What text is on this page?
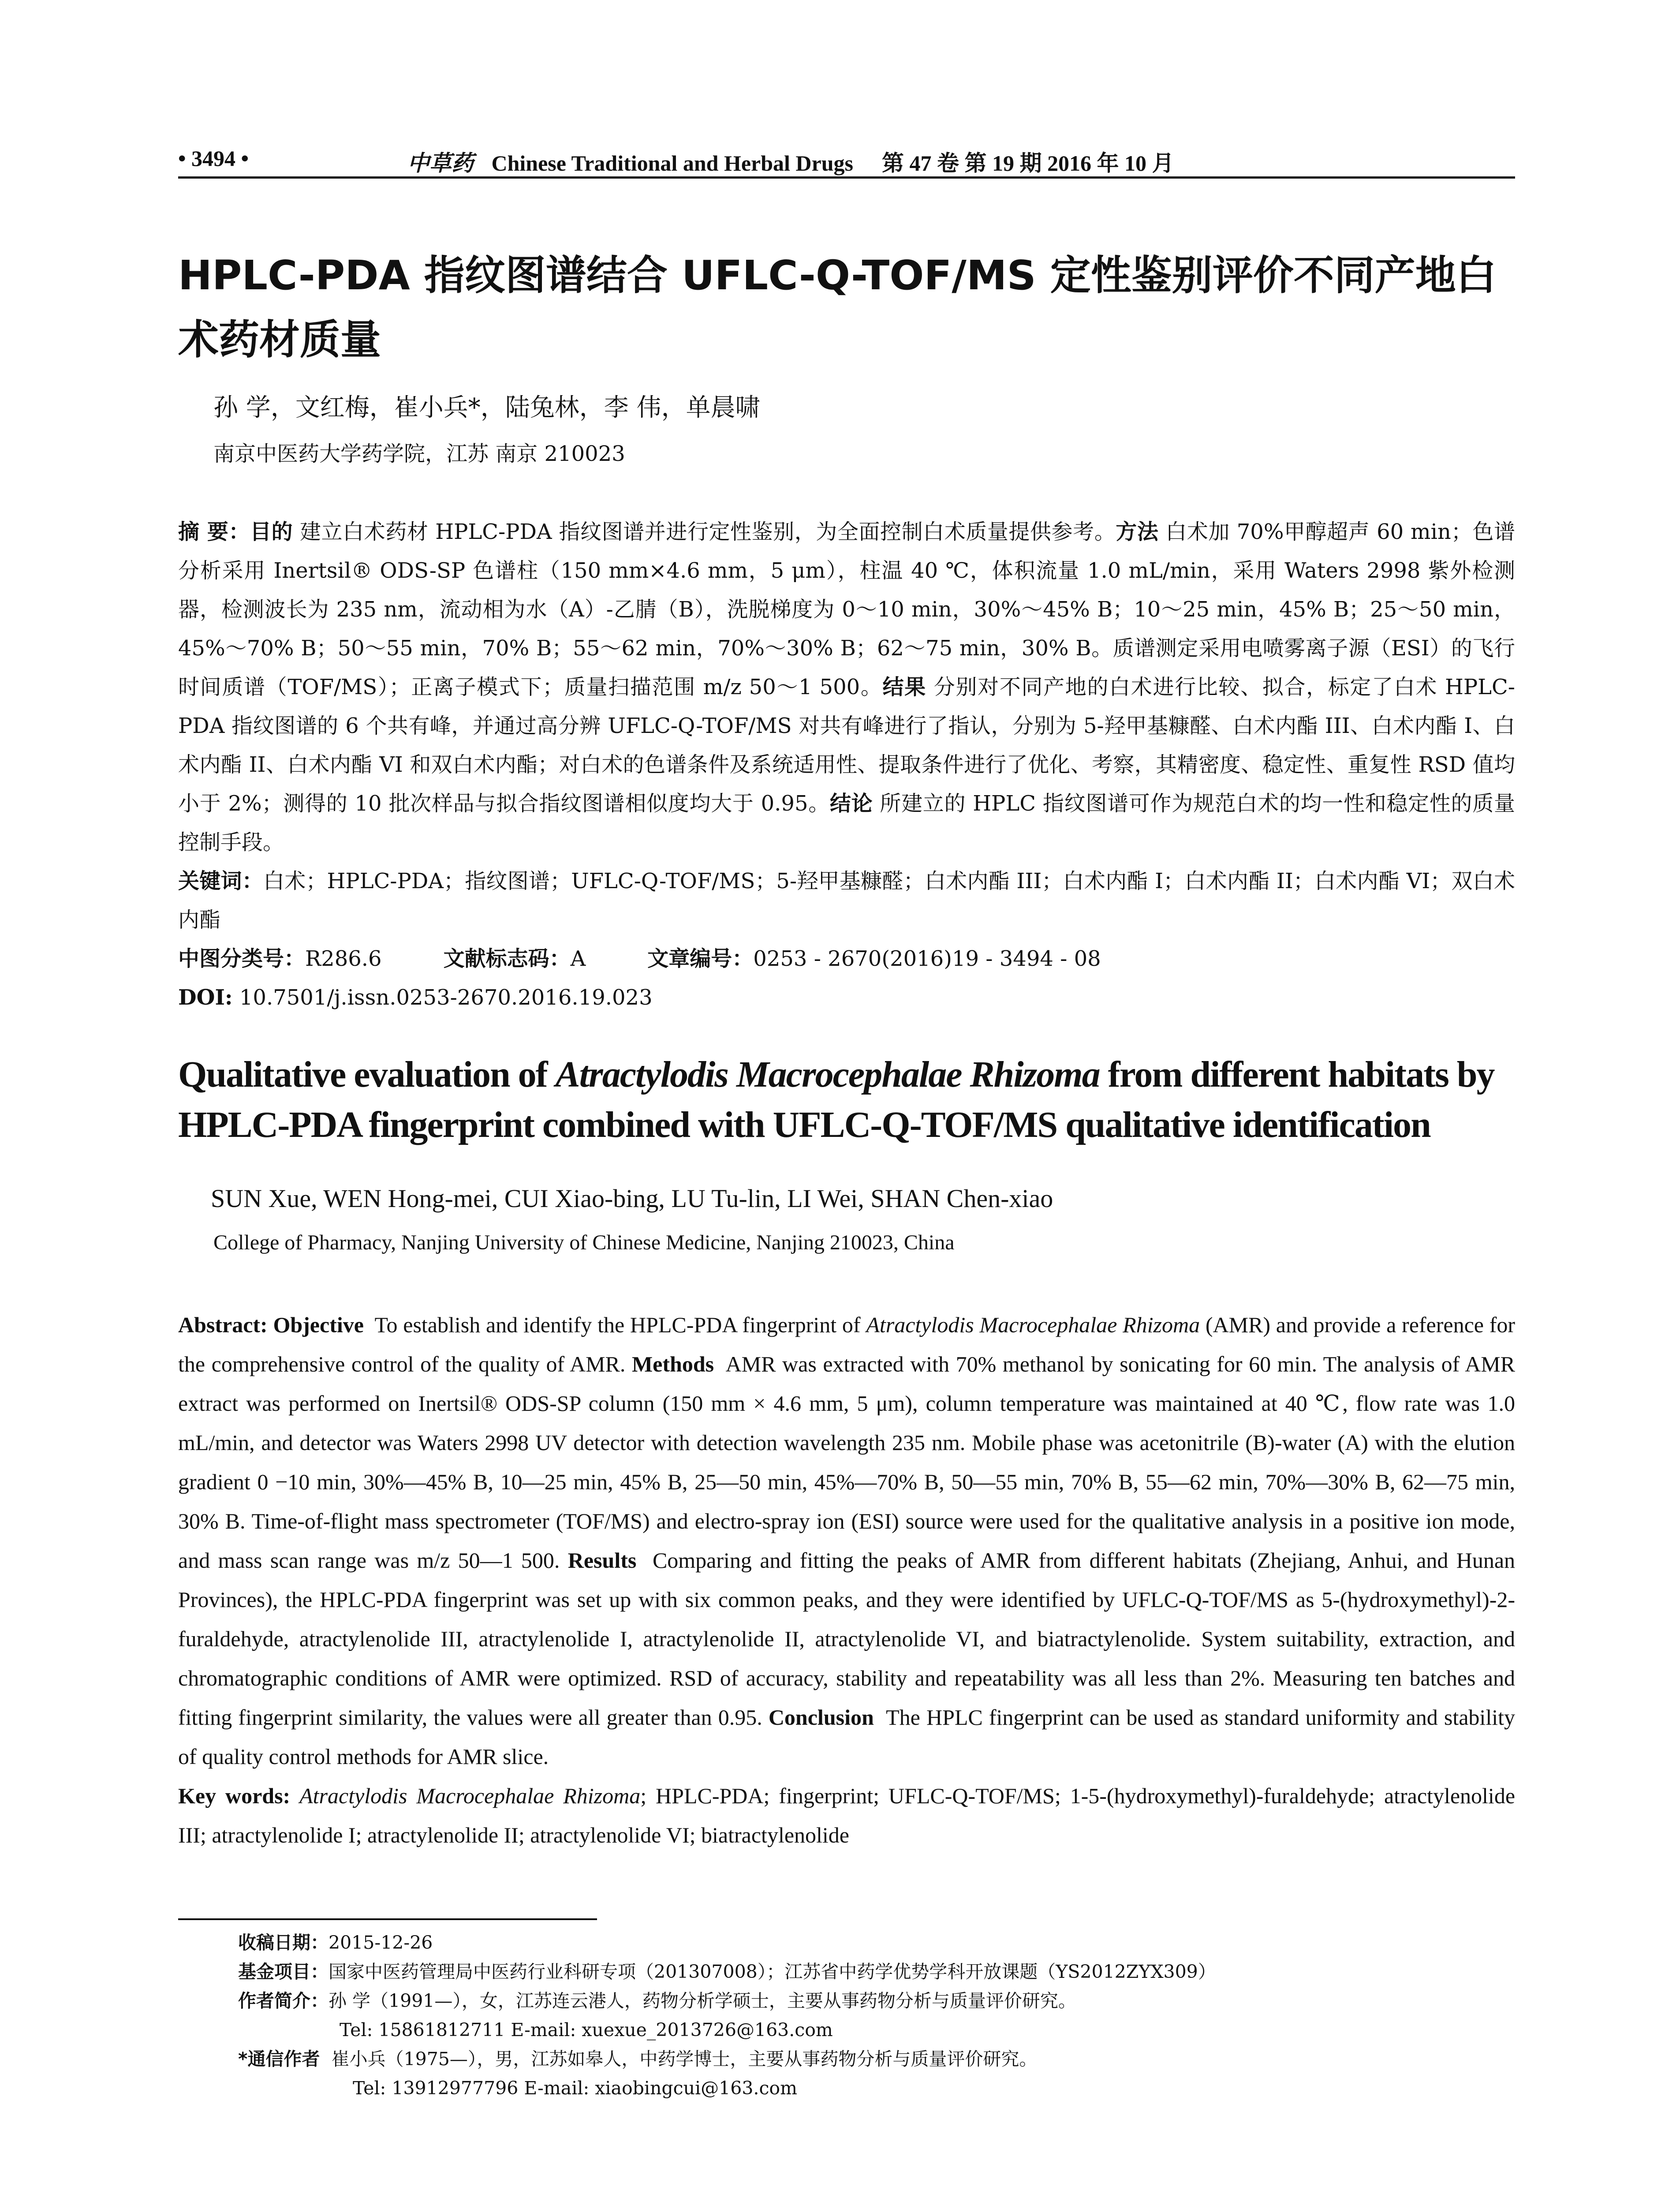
• 3494 •	中草药 Chinese Traditional and Herbal Drugs 第 47 卷 第 19 期 2016 年 10 月
HPLC-PDA 指纹图谱结合 UFLC-Q-TOF/MS 定性鉴别评价不同产地白术药材质量
孙 学，文红梅，崔小兵*，陆兔林，李 伟，单晨啸
南京中医药大学药学院，江苏 南京 210023

摘 要：目的 建立白术药材 HPLC-PDA 指纹图谱并进行定性鉴别，为全面控制白术质量提供参考。方法 白术加 70%甲醇超声 60 min；色谱分析采用 Inertsil® ODS-SP 色谱柱（150 mm×4.6 mm，5 μm），柱温 40 ℃，体积流量 1.0 mL/min，采用 Waters 2998 紫外检测器，检测波长为 235 nm，流动相为水（A）-乙腈（B），洗脱梯度为 0～10 min，30%～45% B；10～25 min，45% B；25～50 min，45%～70% B；50～55 min，70% B；55～62 min，70%～30% B；62～75 min，30% B。质谱测定采用电喷雾离子源（ESI）的飞行时间质谱（TOF/MS）；正离子模式下；质量扫描范围 m/z 50～1 500。结果 分别对不同产地的白术进行比较、拟合，标定了白术 HPLC-PDA 指纹图谱的 6 个共有峰，并通过高分辨 UFLC-Q-TOF/MS 对共有峰进行了指认，分别为 5-羟甲基糠醛、白术内酯 III、白术内酯 I、白术内酯 II、白术内酯 VI 和双白术内酯；对白术的色谱条件及系统适用性、提取条件进行了优化、考察，其精密度、稳定性、重复性 RSD 值均小于 2%；测得的 10 批次样品与拟合指纹图谱相似度均大于 0.95。结论 所建立的 HPLC 指纹图谱可作为规范白术的均一性和稳定性的质量控制手段。

关键词：白术；HPLC-PDA；指纹图谱；UFLC-Q-TOF/MS；5-羟甲基糠醛；白术内酯 III；白术内酯 I；白术内酯 II；白术内酯 VI；双白术内酯

中图分类号：R286.6	文献标志码：A	文章编号：0253 - 2670(2016)19 - 3494 - 08

DOI: 10.7501/j.issn.0253-2670.2016.19.023

Qualitative evaluation of Atractylodis Macrocephalae Rhizoma from different habitats by HPLC-PDA fingerprint combined with UFLC-Q-TOF/MS qualitative identification
SUN Xue, WEN Hong-mei, CUI Xiao-bing, LU Tu-lin, LI Wei, SHAN Chen-xiao
College of Pharmacy, Nanjing University of Chinese Medicine, Nanjing 210023, China

Abstract: Objective To establish and identify the HPLC-PDA fingerprint of Atractylodis Macrocephalae Rhizoma (AMR) and provide a reference for the comprehensive control of the quality of AMR. Methods AMR was extracted with 70% methanol by sonicating for 60 min. The analysis of AMR extract was performed on Inertsil® ODS-SP column (150 mm × 4.6 mm, 5 μm), column temperature was maintained at 40 ℃, flow rate was 1.0 mL/min, and detector was Waters 2998 UV detector with detection wavelength 235 nm. Mobile phase was acetonitrile (B)-water (A) with the elution gradient 0 −10 min, 30%—45% B, 10—25 min, 45% B, 25—50 min, 45%—70% B, 50—55 min, 70% B, 55—62 min, 70%—30% B, 62—75 min, 30% B. Time-of-flight mass spectrometer (TOF/MS) and electro-spray ion (ESI) source were used for the qualitative analysis in a positive ion mode, and mass scan range was m/z 50—1 500. Results Comparing and fitting the peaks of AMR from different habitats (Zhejiang, Anhui, and Hunan Provinces), the HPLC-PDA fingerprint was set up with six common peaks, and they were identified by UFLC-Q-TOF/MS as 5-(hydroxymethyl)-2-furaldehyde, atractylenolide III, atractylenolide I, atractylenolide II, atractylenolide VI, and biatractylenolide. System suitability, extraction, and chromatographic conditions of AMR were optimized. RSD of accuracy, stability and repeatability was all less than 2%. Measuring ten batches and fitting fingerprint similarity, the values were all greater than 0.95. Conclusion The HPLC fingerprint can be used as standard uniformity and stability of quality control methods for AMR slice.

Key words: Atractylodis Macrocephalae Rhizoma; HPLC-PDA; fingerprint; UFLC-Q-TOF/MS; 1-5-(hydroxymethyl)-furaldehyde; atractylenolide III; atractylenolide I; atractylenolide II; atractylenolide VI; biatractylenolide

收稿日期：2015-12-26

基金项目：国家中医药管理局中医药行业科研专项（201307008）；江苏省中药学优势学科开放课题（YS2012ZYX309）

作者简介：孙 学（1991—），女，江苏连云港人，药物分析学硕士，主要从事药物分析与质量评价研究。

Tel: 15861812711 E-mail: xuexue_2013726@163.com

*通信作者 崔小兵（1975—），男，江苏如皋人，中药学博士，主要从事药物分析与质量评价研究。

Tel: 13912977796 E-mail: xiaobingcui@163.com
